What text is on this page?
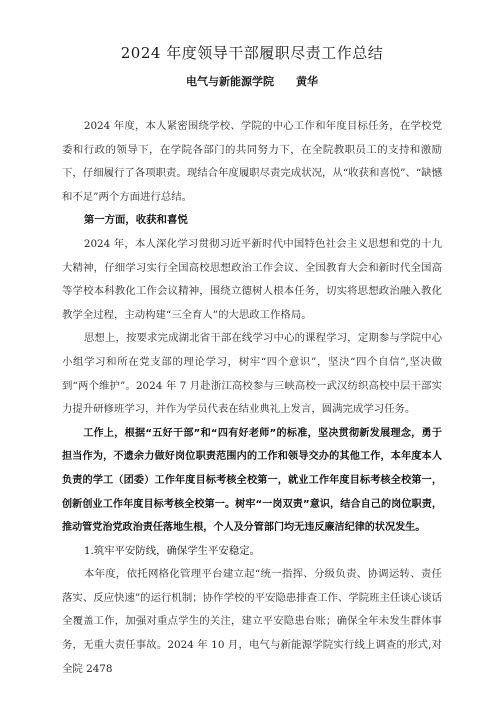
2024 年度领导干部履职尽责工作总结
电气与新能源学院 黄华

2024 年度，本人紧密围绕学校、学院的中心工作和年度目标任务，在学校党委和行政的领导下，在学院各部门的共同努力下，在全院教职员工的支持和激励下，仔细履行了各项职责。现结合年度履职尽责完成状况，从“收获和喜悦”、“缺憾和不足”两个方面进行总结。

第一方面，收获和喜悦

2024 年，本人深化学习贯彻习近平新时代中国特色社会主义思想和党的十九大精神，仔细学习实行全国高校思想政治工作会议、全国教育大会和新时代全国高等学校本科教化工作会议精神，围绕立德树人根本任务，切实将思想政治融入教化教学全过程，主动构建“三全育人”的大思政工作格局。

思想上，按要求完成湖北省干部在线学习中心的课程学习，定期参与学院中心小组学习和所在党支部的理论学习，树牢“四个意识”，坚決“四个自信”,坚决做到“两个维护”。2024 年 7 月赴浙江高校参与三峡高校一武汉纺织高校中层干部实力提升研修班学习，并作为学员代表在结业典礼上发言，圆满完成学习任务。

工作上，根据“五好干部”和“四有好老师”的标准，坚决贯彻新发展理念，勇于担当作为，不遗余力做好岗位职责范围内的工作和领导交办的其他工作，本年度本人负责的学工（团委）工作年度目标考核全校第一，就业工作年度目标考核全校第一，创新创业工作年度目标考核全校第一。树牢“一岗双责”意识，结合自己的岗位职责，推动管党治党政治责任落地生根，个人及分管部门均无违反廉洁纪律的状况发生。

1.筑牢平安防线，确保学生平安稳定。

本年度，依托网格化管理平台建立起“统一指挥、分级负责、协调运转、责任落实、反应快速”的运行机制；协作学校的平安隐患排查工作、学院班主任谈心谈话全覆盖工作，加强对重点学生的关注，建立平安隐患台账；确保全年未发生群体事务，无重大责任事故。2024 年 10 月，电气与新能源学院实行线上调查的形式,对全院 2478
